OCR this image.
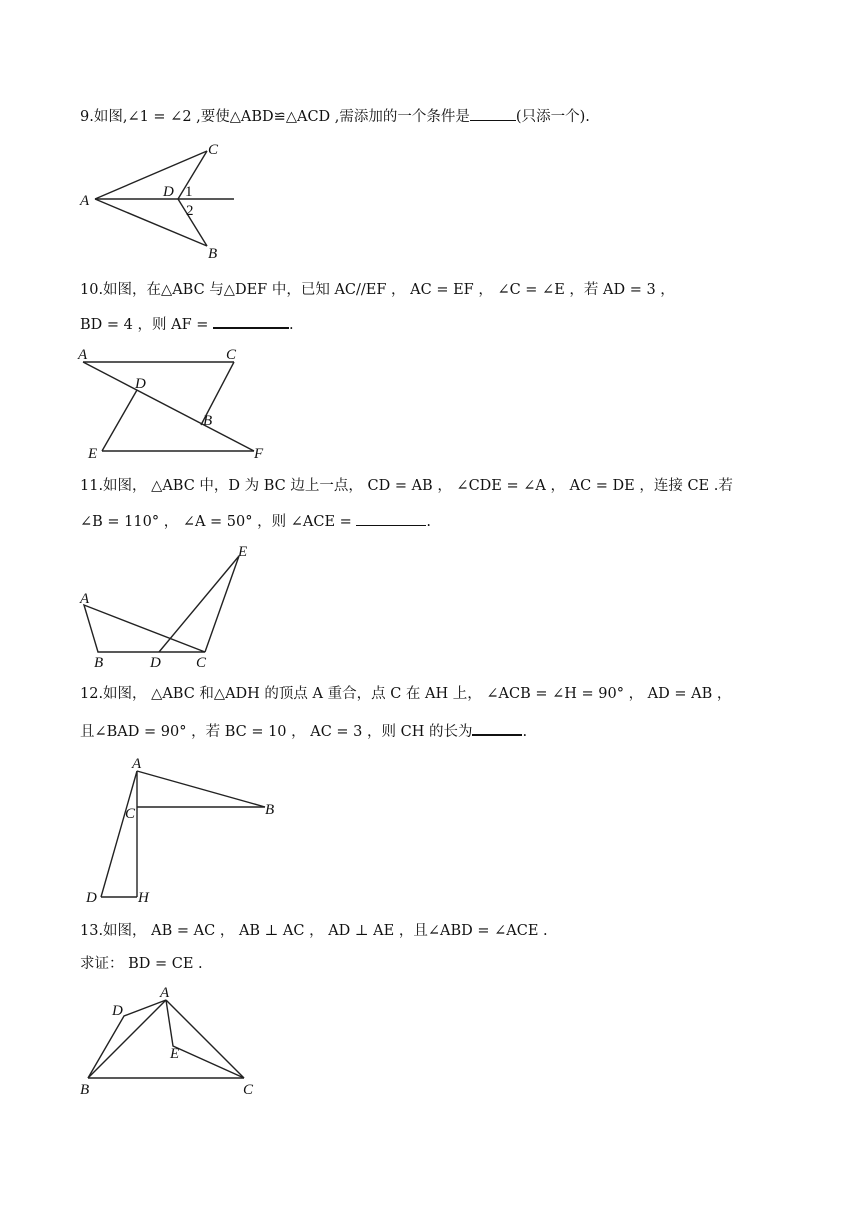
9.如图,∠1 = ∠2 ,要使△ABD≌△ACD ,需添加的一个条件是	(只添一个).
A
C
B
D 1
2
10.如图，在△ABC 与△DEF 中，已知 AC//EF ， AC = EF ， ∠C = ∠E ，若 AD = 3 ，
BD = 4 ，则 AF =	.
A	C
D
B
E	F
11.如图， △ABC 中，D 为 BC 边上一点， CD = AB ， ∠CDE = ∠A ， AC = DE ，连接 CE .若
∠B = 110° ， ∠A = 50° ，则 ∠ACE =	.
A
B	D C
E
12.如图， △ABC 和△ADH 的顶点 A 重合，点 C 在 AH 上， ∠ACB = ∠H = 90° ， AD = AB ，
且∠BAD = 90° ，若 BC = 10 ， AC = 3 ，则 CH 的长为	.
A
C	B
D	H
13.如图， AB = AC ， AB ⊥ AC ， AD ⊥ AE ，且∠ABD = ∠ACE .
求证： BD = CE .
A
D
E
B	C
